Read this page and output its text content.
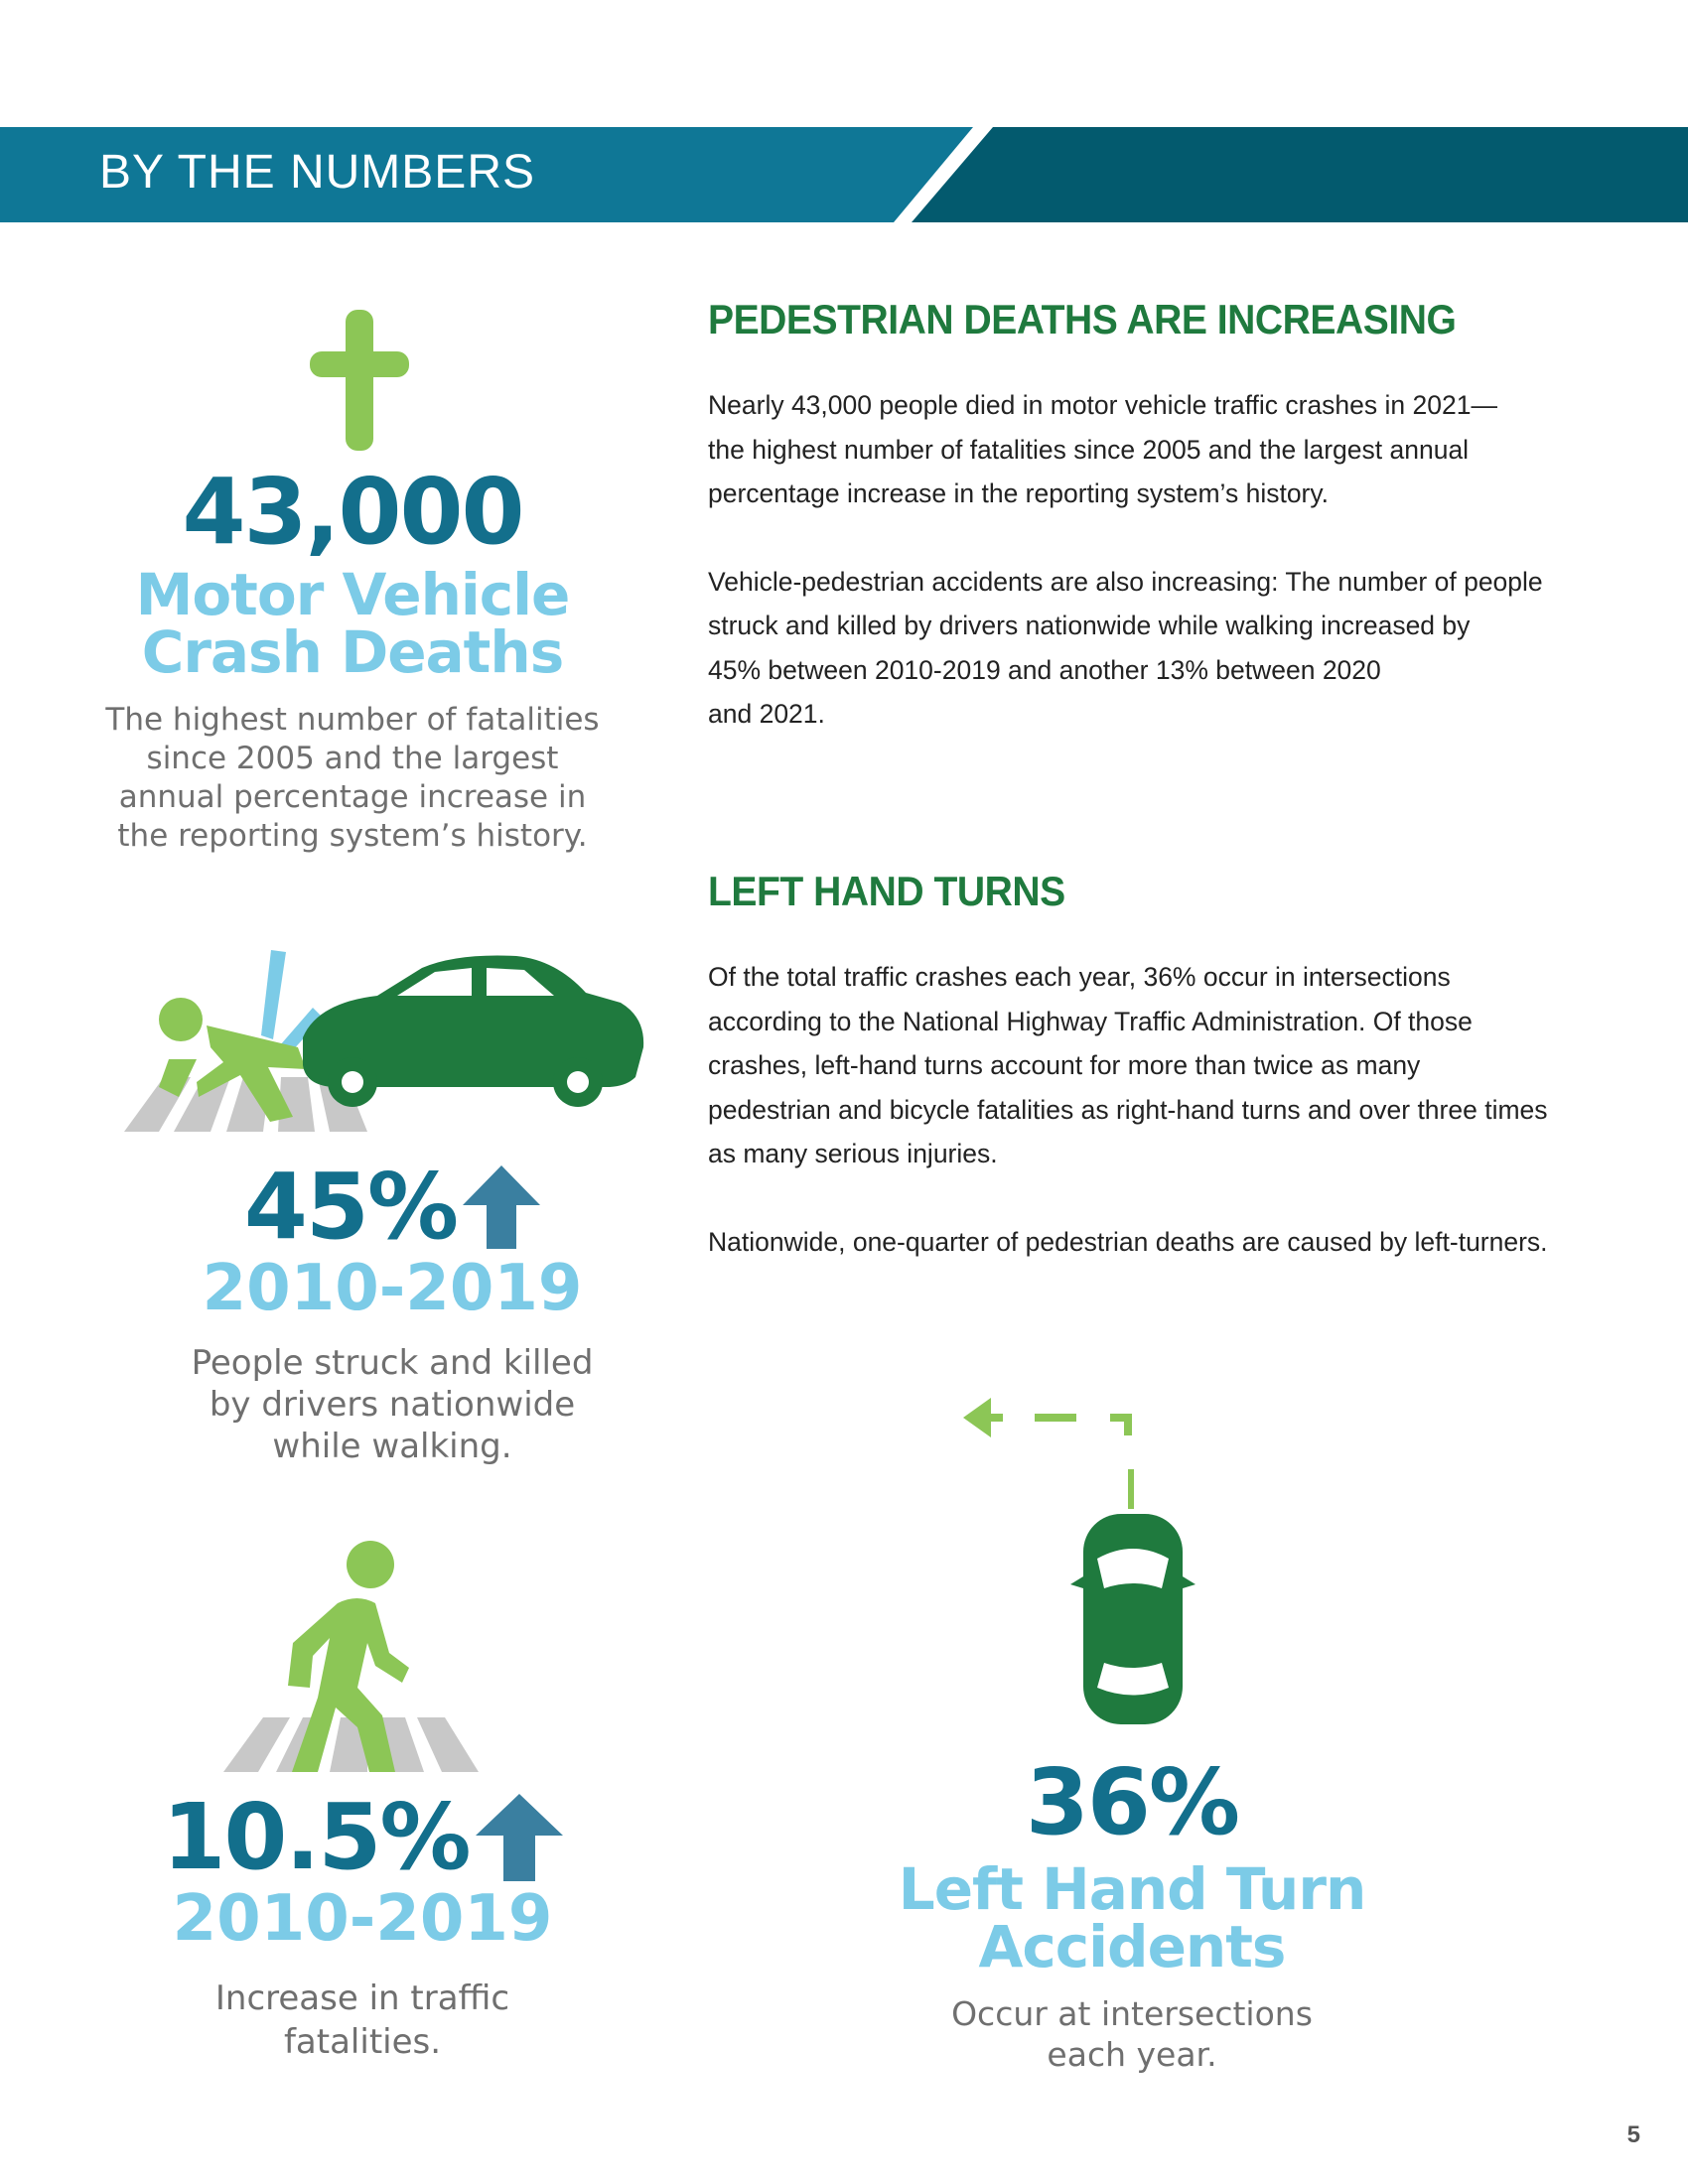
BY THE NUMBERS
43,000
Motor Vehicle
Crash Deaths
The highest number of fatalities
since 2005 and the largest
annual percentage increase in
the reporting system’s history.
45%
2010-2019
People struck and killed
by drivers nationwide
while walking.
10.5%
2010-2019
Increase in traffic
fatalities.
PEDESTRIAN DEATHS ARE INCREASING
Nearly 43,000 people died in motor vehicle traffic crashes in 2021—
the highest number of fatalities since 2005 and the largest annual
percentage increase in the reporting system’s history.
Vehicle-pedestrian accidents are also increasing: The number of people
struck and killed by drivers nationwide while walking increased by
45% between 2010-2019 and another 13% between 2020
and 2021.
LEFT HAND TURNS
Of the total traffic crashes each year, 36% occur in intersections
according to the National Highway Traffic Administration. Of those
crashes, left-hand turns account for more than twice as many
pedestrian and bicycle fatalities as right-hand turns and over three times
as many serious injuries.
Nationwide, one-quarter of pedestrian deaths are caused by left-turners.
36%
Left Hand Turn
Accidents
Occur at intersections
each year.
5
